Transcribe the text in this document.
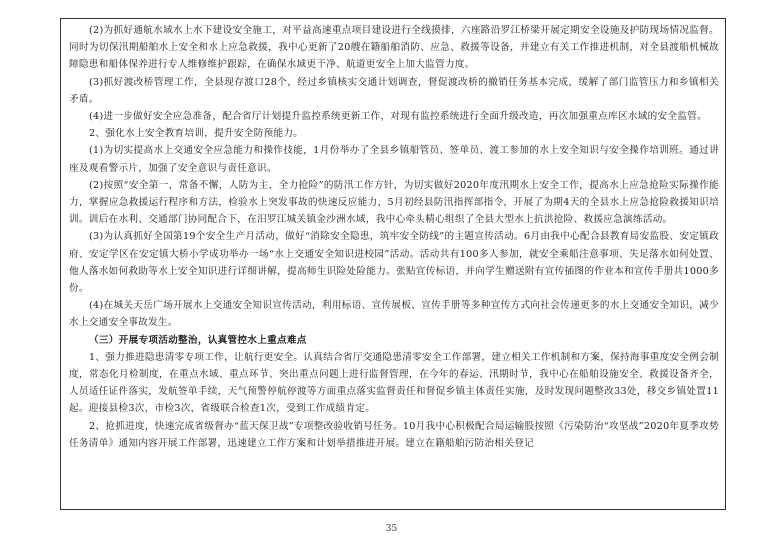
(2)为抓好通航水域水上水下建设安全施工，对平益高速重点项目建设进行全线摸排，六座路沿罗江桥梁开展定期安全设施及护防现场情况监督。同时为切保汛期船舶水上安全和水上应急救援，我中心更新了20艘在籍船舶消防、应急、救援等设备，并建立有关工作推进机制，对全县渡船机械故障隐患和船体保养进行专人维修维护跟踪，在确保水域更干净、航道更安全上加大监管力度。

(3)抓好渡改桥管理工作，全县现存渡口28个，经过乡镇核实交通计划调查，督促渡改桥的撤销任务基本完成，缓解了部门监管压力和乡镇相关矛盾。

(4)进一步做好安全应急准备，配合省厅计划提升监控系统更新工作，对现有监控系统进行全面升级改造，再次加强重点库区水域的安全监管。

2、强化水上安全教育培训，提升安全防预能力。

(1)为切实提高水上交通安全应急能力和操作技能，1月份举办了全县乡镇船管员、签单员、渡工参加的水上安全知识与安全操作培训班。通过讲座及观看警示片，加强了安全意识与责任意识。

(2)按照“安全第一，常备不懈，人防为主，全力抢险”的防汛工作方针，为切实做好2020年度汛期水上安全工作，提高水上应急抢险实际操作能力，掌握应急救援运行程序和方法，检验水上突发事故的快速反应能力，5月初经县防汛指挥部指令，开展了为期4天的全县水上应急抢险救援知识培训。训后在水利、交通部门协同配合下，在汨罗江城关镇金沙洲水域，我中心牵头精心组织了全县大型水上抗洪抢险、救援应急演练活动。

(3)为认真抓好全国第19个安全生产月活动，做好“消除安全隐患，筑牢安全防线”的主题宣传活动。6月由我中心配合县教育局安监股、安定镇政府、安定学区在安定镇大桥小学成功举办一场“水上交通安全知识进校园”活动。活动共有100多人参加，就安全乘船注意事项、失足落水如何处置、他人落水如何救助等水上安全知识进行详细讲解，提高师生识险处险能力。张贴宣传标语，并向学生赠送附有宣传插图的作业本和宣传手册共1000多份。

(4)在城关天岳广场开展水上交通安全知识宣传活动，利用标语、宣传展板、宣传手册等多种宣传方式向社会传递更多的水上交通安全知识，减少水上交通安全事故发生。

（三）开展专项活动整治，认真管控水上重点难点

1、强力推进隐患清零专项工作，让航行更安全。认真结合省厅交通隐患清零安全工作部署，建立相关工作机制和方案，保持海事重度安全例会制度，常态化月检制度，在重点水域、重点环节、突出重点问题上进行监督管理，在今年的春运、汛期时节，我中心在船舶设施安全、救援设备齐全，人员适任证件落实，发航签单手续，天气预警停航停渡等方面重点落实监督责任和督促乡镇主体责任实施，及时发现问题整改33处，移交乡镇处置11起。迎接县检3次，市检3次，省级联合检查1次，受到工作成绩肯定。

2、抢抓进度，快速完成省级督办“蓝天保卫战”专项整改验收销号任务。10月我中心积极配合局运输股按照《污染防治“攻坚战”2020年夏季攻势任务清单》通知内容开展工作部署，迅速建立工作方案和计划举措推进开展。建立在籍船舶污防治相关登记

35
